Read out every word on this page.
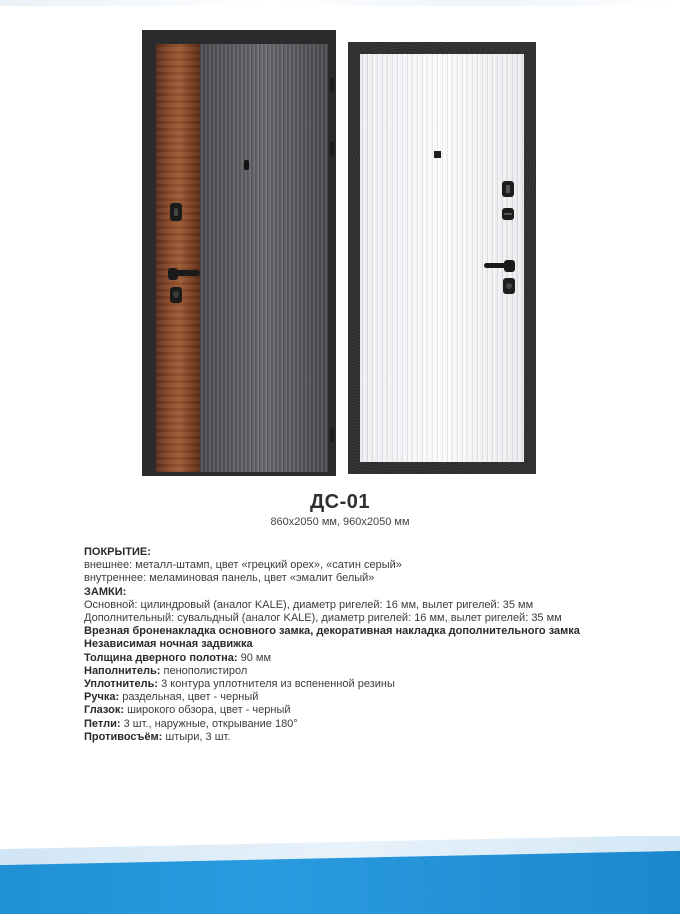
ДС-01
860x2050 мм, 960x2050 мм

ПОКРЫТИЕ:

внешнее: металл-штамп, цвет «грецкий орех», «сатин серый»

внутреннее: меламиновая панель, цвет «эмалит белый»

ЗАМКИ:

Основной: цилиндровый (аналог KALE), диаметр ригелей: 16 мм, вылет ригелей: 35 мм

Дополнительный: сувальдный (аналог KALE), диаметр ригелей: 16 мм, вылет ригелей: 35 мм

Врезная броненакладка основного замка, декоративная накладка дополнительного замка

Независимая ночная задвижка

Толщина дверного полотна: 90 мм

Наполнитель: пенополистирол

Уплотнитель: 3 контура уплотнителя из вспененной резины

Ручка: раздельная, цвет - черный

Глазок: широкого обзора, цвет - черный

Петли: 3 шт., наружные, открывание 180°

Противосъём: штыри, 3 шт.
